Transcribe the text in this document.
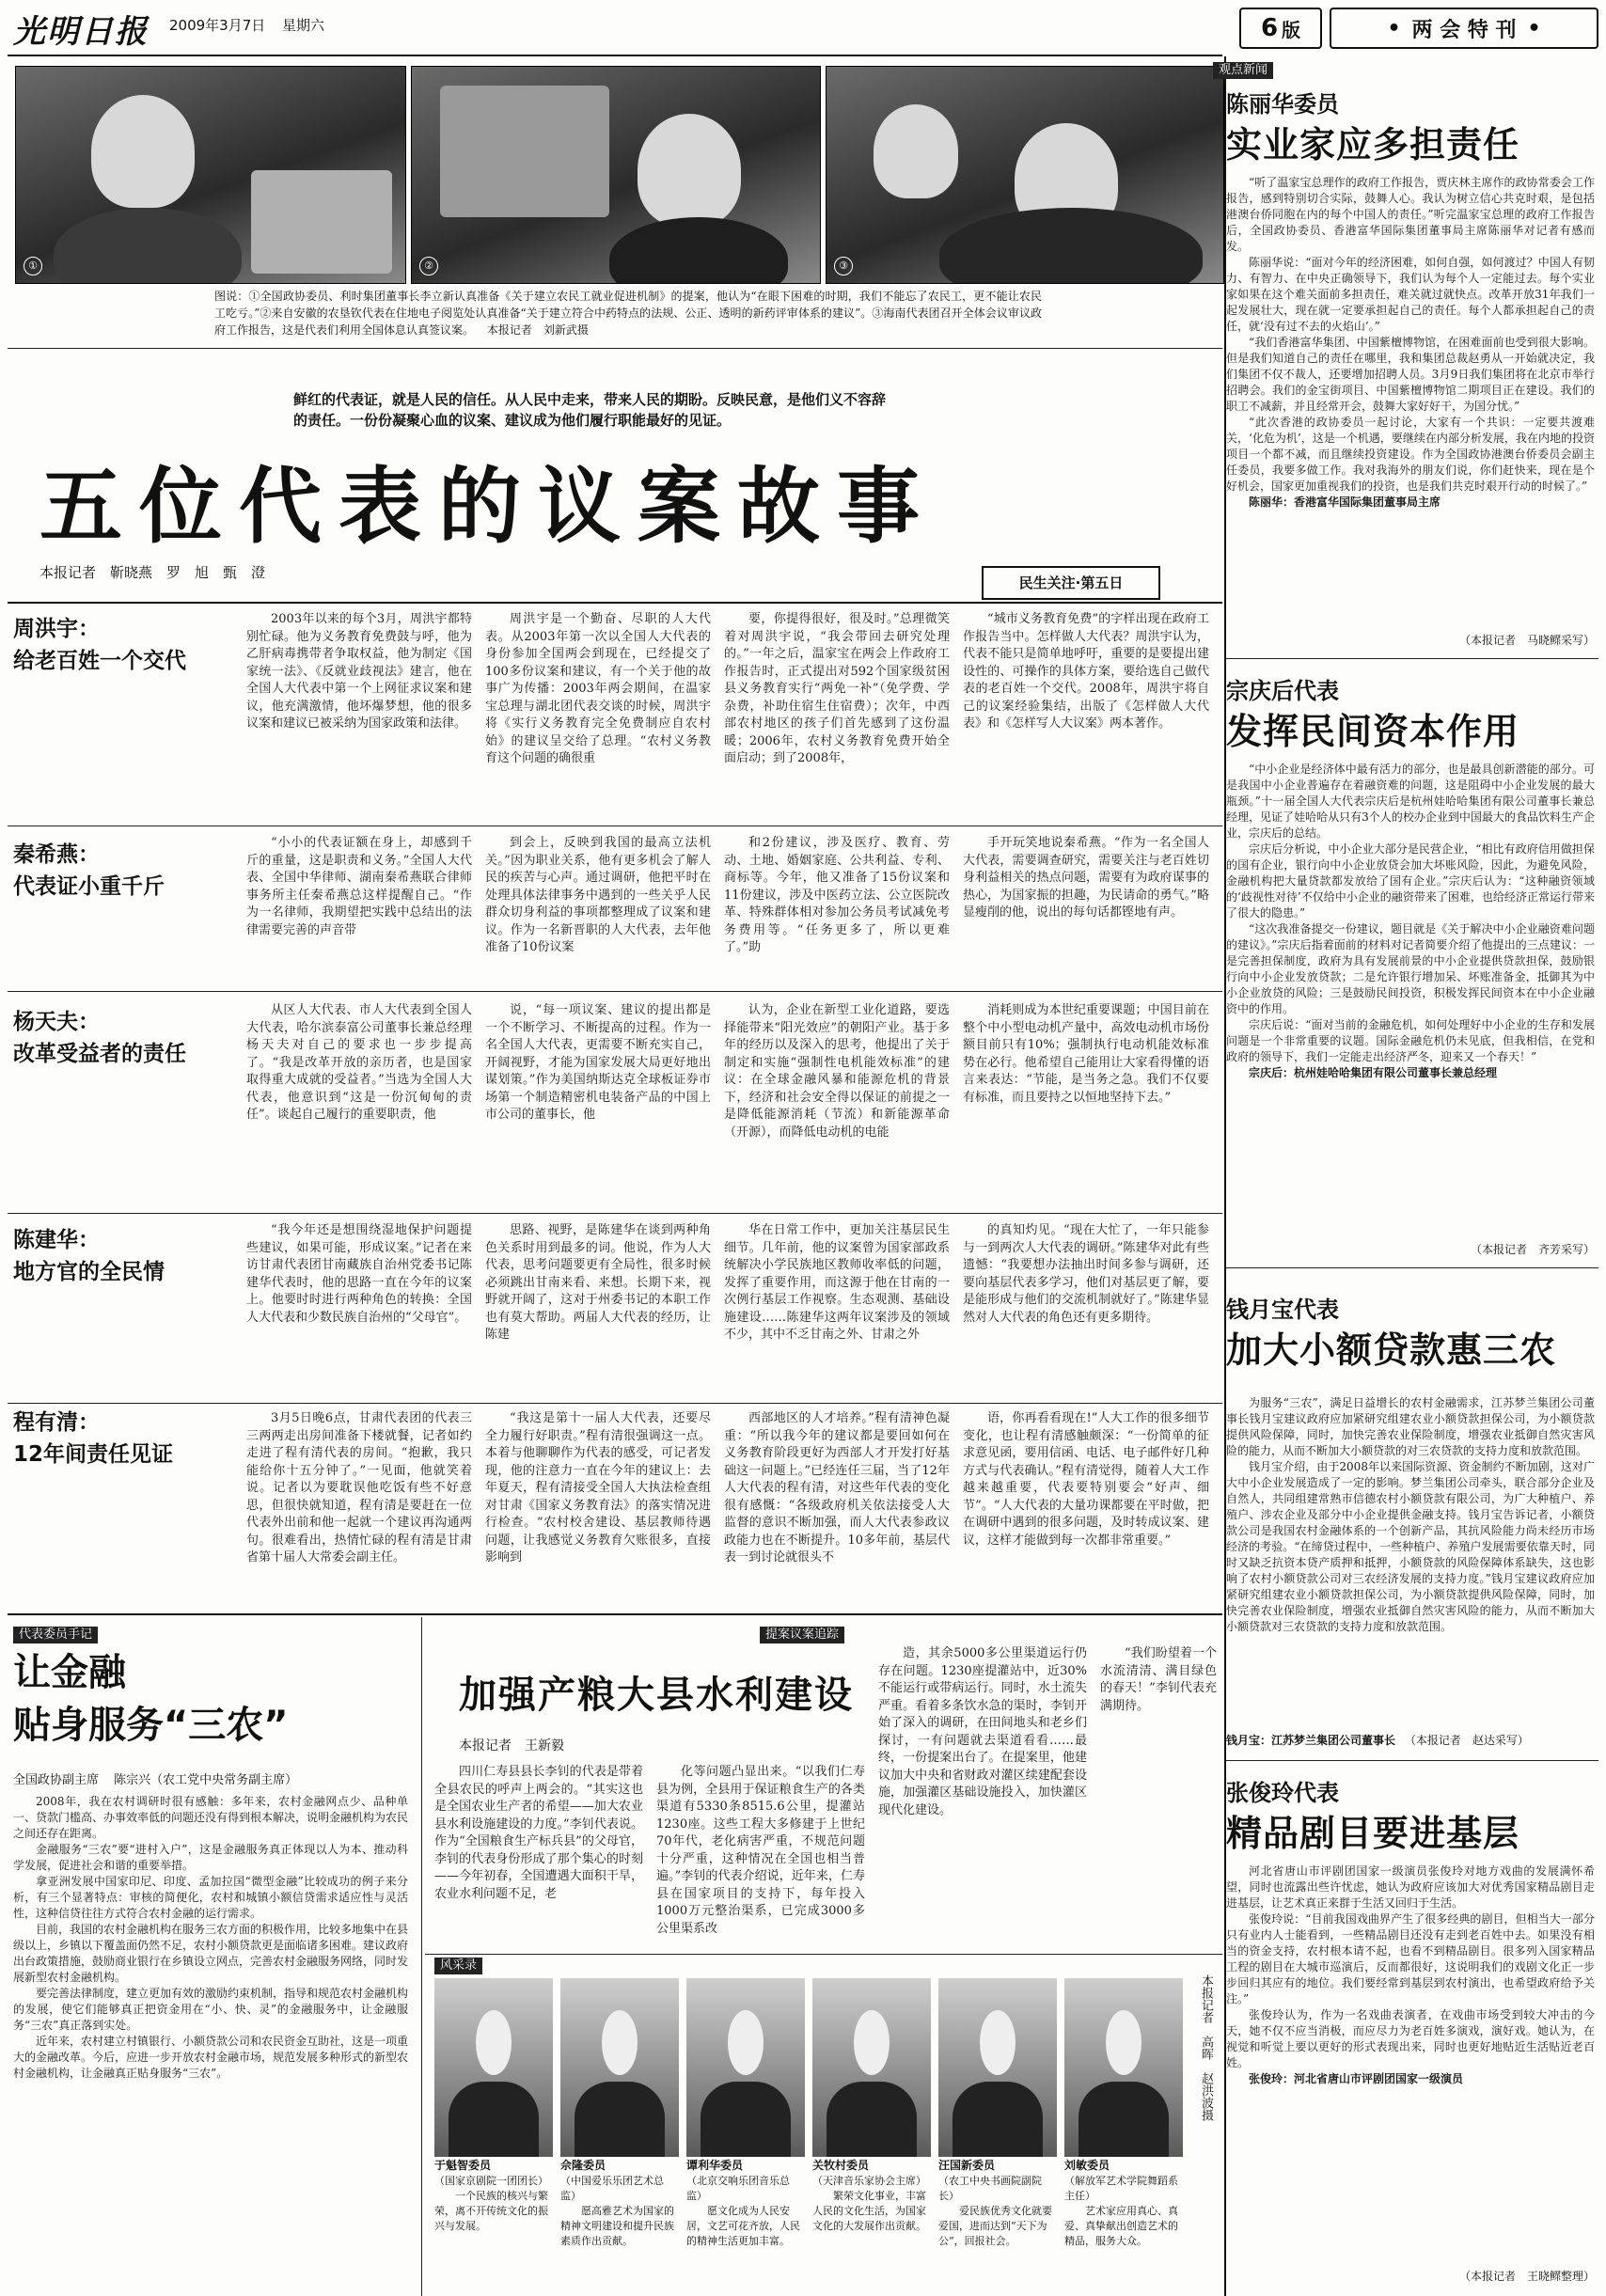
光明日报 2009年3月7日 星期六	6 版	• 两 会 特 刊 •
①	②	③
图说：①全国政协委员、利时集团董事长李立新认真准备《关于建立农民工就业促进机制》的提案，他认为“在眼下困难的时期，我们不能忘了农民工，更不能让农民工吃亏。”②来自安徽的农垦钦代表在住地电子阅览处认真准备“关于建立符合中药特点的法规、公正、透明的新药评审体系的建议”。③海南代表团召开全体会议审议政府工作报告，这是代表们利用全国体息认真签议案。 本报记者　刘新武摄
鲜红的代表证，就是人民的信任。从人民中走来，带来人民的期盼。反映民意，是他们义不容辞的责任。一份份凝聚心血的议案、建议成为他们履行职能最好的见证。
五位代表的议案故事
本报记者　靳晓燕　罗　旭　甄　澄
民生关注·第五日
周洪宇：
给老百姓一个交代
2003年以来的每个3月，周洪宇都特别忙碌。他为义务教育免费鼓与呼，他为乙肝病毒携带者争取权益，他为制定《国家统一法》、《反就业歧视法》建言，他在全国人大代表中第一个上网征求议案和建议，他充满激情，他坏爆梦想，他的很多议案和建议已被采纳为国家政策和法律。
周洪宇是一个勤奋、尽职的人大代表。从2003年第一次以全国人大代表的身份参加全国两会到现在，已经提交了100多份议案和建议，有一个关于他的故事广为传播：2003年两会期间，在温家宝总理与湖北团代表交谈的时候，周洪宇将《实行义务教育完全免费制应自农村始》的建议呈交给了总理。“农村义务教育这个问题的确很重
要，你提得很好，很及时。”总理微笑着对周洪宇说，“我会带回去研究处理的。”一年之后，温家宝在两会上作政府工作报告时，正式提出对592个国家级贫困县义务教育实行“两免一补”（免学费、学杂费，补助住宿生住宿费）；次年，中西部农村地区的孩子们首先感到了这份温暖；2006年，农村义务教育免费开始全面启动；到了2008年，
“城市义务教育免费”的字样出现在政府工作报告当中。怎样做人大代表？周洪宇认为，代表不能只是简单地呼吁，重要的是要提出建设性的、可操作的具体方案，要给选自己做代表的老百姓一个交代。2008年，周洪宇将自己的议案经验集结，出版了《怎样做人大代表》和《怎样写人大议案》两本著作。
秦希燕：
代表证小重千斤
“小小的代表证额在身上，却感到千斤的重量，这是职责和义务。”全国人大代表、全国中华律师、湖南秦希燕联合律师事务所主任秦希燕总这样提醒自己。“作为一名律师，我期望把实践中总结出的法律需要完善的声音带
到会上，反映到我国的最高立法机关。”因为职业关系，他有更多机会了解人民的疾苦与心声。通过调研，他把平时在处理具体法律事务中遇到的一些关乎人民群众切身利益的事项都整理成了议案和建议。作为一名新晋职的人大代表，去年他准备了10份议案
和2份建议，涉及医疗、教育、劳动、土地、婚姻家庭、公共利益、专利、商标等。今年，他又准备了15份议案和11份建议，涉及中医药立法、公立医院改革、特殊群体相对参加公务员考试减免考务费用等。“任务更多了，所以更难了。”助
手开玩笑地说秦希燕。“作为一名全国人大代表，需要调查研究，需要关注与老百姓切身利益相关的热点问题，需要有为政府谋事的热心，为国家振的担趣，为民请命的勇气。”略显瘦削的他，说出的每句话都铿地有声。
杨天夫：
改革受益者的责任
从区人大代表、市人大代表到全国人大代表，哈尔滨泰富公司董事长兼总经理杨天夫对自己的要求也一步步提高了。“我是改革开放的亲历者，也是国家取得重大成就的受益者。”当选为全国人大代表，他意识到“这是一份沉甸甸的责任”。谈起自己履行的重要职责，他
说，“每一项议案、建议的提出都是一个不断学习、不断提高的过程。作为一名全国人大代表，更需要不断充实自己，开阔视野，才能为国家发展大局更好地出谋划策。”作为美国纳斯达克全球板证券市场第一个制造精密机电装备产品的中国上市公司的董事长，他
认为，企业在新型工业化道路，要选择能带来“阳光效应”的朝阳产业。基于多年的经历以及深入的思考，他提出了关于制定和实施“强制性电机能效标准”的建议：在全球金融风暴和能源危机的背景下，经济和社会安全得以保证的前提之一是降低能源消耗（节流）和新能源革命（开源），而降低电动机的电能
消耗则成为本世纪重要课题；中国目前在整个中小型电动机产量中，高效电动机市场份额目前只有10%；强制执行电动机能效标准势在必行。他希望自己能用让大家看得懂的语言来表达：“节能，是当务之急。我们不仅要有标准，而且要持之以恒地坚持下去。”
陈建华：
地方官的全民情
“我今年还是想围绕湿地保护问题提些建议，如果可能，形成议案。”记者在来访甘肃代表团甘南藏族自治州党委书记陈建华代表时，他的思路一直在今年的议案上。他要时时进行两种角色的转换：全国人大代表和少数民族自治州的“父母官”。
思路、视野，是陈建华在谈到两种角色关系时用到最多的词。他说，作为人大代表，思考问题要更有全局性，很多时候必须跳出甘南来看、来想。长期下来，视野就开阔了，这对于州委书记的本职工作也有莫大帮助。两届人大代表的经历，让陈建
华在日常工作中，更加关注基层民生细节。几年前，他的议案曾为国家部政系统解决小学民族地区教师收率低的问题，发挥了重要作用，而这源于他在甘南的一次例行基层工作视察。生态观测、基础设施建设……陈建华这两年议案涉及的领域不少，其中不乏甘南之外、甘肃之外
的真知灼见。“现在大忙了，一年只能参与一到两次人大代表的调研。”陈建华对此有些遗憾：“我要想办法抽出时间多参与调研，还要向基层代表多学习，他们对基层更了解，要是能形成与他们的交流机制就好了。”陈建华显然对人大代表的角色还有更多期待。
程有清：
12年间责任见证
3月5日晚6点，甘肃代表团的代表三三两两走出房间准备下楼就餐，记者如约走进了程有清代表的房间。“抱歉，我只能给你十五分钟了。”一见面，他就笑着说。记者以为要耽误他吃饭有些不好意思，但很快就知道，程有清是要赶在一位代表外出前和他一起就一个建议再沟通两句。很难看出，热情忙碌的程有清是甘肃省第十届人大常委会副主任。
“我这是第十一届人大代表，还要尽全力履行好职责。”程有清很强调这一点。本着与他聊聊作为代表的感受，可记者发现，他的注意力一直在今年的建议上：去年夏天，程有清接受全国人大执法检查组对甘肃《国家义务教育法》的落实情况进行检查。“农村校舍建设、基层教师待遇问题，让我感觉义务教育欠账很多，直接影响到
西部地区的人才培养。”程有清神色凝重：“所以我今年的建议都是要回如何在义务教育阶段更好为西部人才开发打好基础这一问题上。”已经连任三届，当了12年人大代表的程有清，对这些年代表的变化很有感慨：“各级政府机关依法接受人大监督的意识不断加强，而人大代表参政议政能力也在不断提升。10多年前，基层代表一到讨论就很头不
语，你再看看现在!”人大工作的很多细节变化，也让程有清感触颇深：“一份简单的征求意见函，要用信函、电话、电子邮件好几种方式与代表确认。”程有清觉得，随着人大工作越来越重要，代表要特别要会“好声、细节”。“人大代表的大量功课都要在平时做，把在调研中遇到的很多问题，及时转成议案、建议，这样才能做到每一次都非常重要。”
观点新闻
陈丽华委员
实业家应多担责任

“听了温家宝总理作的政府工作报告，贾庆林主席作的政协常委会工作报告，感到特别切合实际，鼓舞人心。我认为树立信心共克时艰，是包括港澳台侨同胞在内的每个中国人的责任。”听完温家宝总理的政府工作报告后，全国政协委员、香港富华国际集团董事局主席陈丽华对记者有感而发。

陈丽华说：“面对今年的经济困难，如何自强，如何渡过？中国人有韧力、有智力、在中央正确领导下，我们认为每个人一定能过去。每个实业家如果在这个难关面前多担责任，难关就过就快点。改革开放31年我们一起发展壮大，现在就一定要承担起自己的责任。每个人都承担起自己的责任，就‘没有过不去的火焰山’。”

“我们香港富华集团、中国紫檀博物馆，在困难面前也受到很大影响。但是我们知道自己的责任在哪里，我和集团总裁赵勇从一开始就决定，我们集团不仅不裁人，还要增加招聘人员。3月9日我们集团将在北京市举行招聘会。我们的金宝街项目、中国紫檀博物馆二期项目正在建设。我们的职工不减薪，并且经常开会，鼓舞大家好好干，为国分忧。”

“此次香港的政协委员一起讨论，大家有一个共识：一定要共渡难关，‘化危为机’，这是一个机遇，要继续在内部分析发展，我在内地的投资项目一个都不减，而且继续投资建设。作为全国政协港澳台侨委员会副主任委员，我要多做工作。我对我海外的朋友们说，你们赶快来，现在是个好机会，国家更加重视我们的投资，也是我们共克时艰开行动的时候了。”

陈丽华：香港富华国际集团董事局主席

（本报记者　马晓鳏采写）
宗庆后代表
发挥民间资本作用

“中小企业是经济体中最有活力的部分，也是最具创新潜能的部分。可是我国中小企业普遍存在着融资难的问题，这是阻碍中小企业发展的最大瓶颈。”十一届全国人大代表宗庆后是杭州娃哈哈集团有限公司董事长兼总经理，见证了娃哈哈从只有3个人的校办企业到中国最大的食品饮料生产企业，宗庆后的总结。

宗庆后分析说，中小企业大部分是民营企业，“相比有政府信用做担保的国有企业，银行向中小企业放贷会加大坏账风险，因此，为避免风险，金融机构把大量贷款都发放给了国有企业。”宗庆后认为：“这种融资领域的‘歧视性对待’不仅给中小企业的融资带来了困难，也给经济正常运行带来了很大的隐患。”

“这次我准备提交一份建议，题目就是《关于解决中小企业融资难问题的建议》。”宗庆后指着面前的材料对记者简要介绍了他提出的三点建议：一是完善担保制度，政府为具有发展前景的中小企业提供贷款担保，鼓励银行向中小企业发放贷款；二是允许银行增加呆、坏账准备金，抵御其为中小企业放贷的风险；三是鼓励民间投资，积极发挥民间资本在中小企业融资中的作用。

宗庆后说：“面对当前的金融危机，如何处理好中小企业的生存和发展问题是一个非常重要的议题。国际金融危机仍未见底，但我相信，在党和政府的领导下，我们一定能走出经济严冬，迎来又一个春天！”

宗庆后：杭州娃哈哈集团有限公司董事长兼总经理

（本报记者　齐芳采写）
钱月宝代表
加大小额贷款惠三农

为服务“三农”，满足日益增长的农村金融需求，江苏梦兰集团公司董事长钱月宝建议政府应加紧研究组建农业小额贷款担保公司，为小额贷款提供风险保障，同时，加快完善农业保险制度，增强农业抵御自然灾害风险的能力，从而不断加大小额贷款的对三农贷款的支持力度和放款范围。

钱月宝介绍，由于2008年以来国际资源、资金制约不断加剧，这对广大中小企业发展造成了一定的影响。梦兰集团公司牵头，联合部分企业及自然人，共同组建常熟市信德农村小额贷款有限公司，为广大种植户、养殖户、涉农企业及部分中小企业提供金融支持。钱月宝告诉记者，小额贷款公司是我国农村金融体系的一个创新产品，其抗风险能力尚未经历市场经济的考验。“在缔贷过程中，一些种植户、养殖户发展需要依靠天时，同时又缺乏抗资本贷产质押和抵押，小额贷款的风险保障体系缺失，这也影响了农村小额贷款公司对三农经济发展的支持力度。”钱月宝建议政府应加紧研究组建农业小额贷款担保公司，为小额贷款提供风险保障，同时，加快完善农业保险制度，增强农业抵御自然灾害风险的能力，从而不断加大小额贷款对三农贷款的支持力度和放款范围。

钱月宝：江苏梦兰集团公司董事长 （本报记者　赵达采写）
张俊玲代表
精品剧目要进基层

河北省唐山市评剧团国家一级演员张俊玲对地方戏曲的发展满怀希望，同时也流露出些许忧虑，她认为政府应该加大对优秀国家精品剧目走进基层，让艺术真正来群于生活又回归于生活。

张俊玲说：“目前我国戏曲界产生了很多经典的剧目，但相当大一部分只有业内人士能看到，一些精品剧目还没有走到老百姓中去。如果没有相当的资金支持，农村根本请不起，也看不到精品剧目。很多列入国家精品工程的剧目在大城市巡演后，反而都很好，这说明我们的戏剧文化正一步步回归其应有的地位。我们要经常到基层到农村演出，也希望政府给予关注。”

张俊玲认为，作为一名戏曲表演者，在戏曲市场受到较大冲击的今天，她不仅不应当消极，而应尽力为老百姓多演戏，演好戏。她认为，在视觉和听觉上要以更好的形式表现出来，同时也更好地贴近生活贴近老百姓。

张俊玲：河北省唐山市评剧团国家一级演员

（本报记者　王晓鳏整理）
代表委员手记
让金融
贴身服务“三农”
全国政协副主席 陈宗兴（农工党中央常务副主席）

2008年，我在农村调研时很有感触：多年来，农村金融网点少、品种单一、贷款门槛高、办事效率低的问题还没有得到根本解决，说明金融机构为农民之间还存在距离。

金融服务“三农”要“进村入户”，这是金融服务真正体现以人为本、推动科学发展，促进社会和谐的重要举措。

拿亚洲发展中国家印尼、印度、孟加拉国“微型金融”比较成功的例子来分析，有三个显著特点：审核的简便化，农村和城镇小额信贷需求适应性与灵活性，这种信贷往往方式符合农村金融的运行需求。

目前，我国的农村金融机构在服务三农方面的积极作用，比较多地集中在县级以上，乡镇以下覆盖面仍然不足，农村小额贷款更是面临诸多困难。建议政府出台政策措施，鼓励商业银行在乡镇设立网点，完善农村金融服务网络，同时发展新型农村金融机构。

要完善法律制度，建立更加有效的激励约束机制，指导和规范农村金融机构的发展，使它们能够真正把资金用在“小、快、灵”的金融服务中，让金融服务“三农”真正落到实处。

近年来，农村建立村镇银行、小额贷款公司和农民资金互助社，这是一项重大的金融改革。今后，应进一步开放农村金融市场，规范发展多种形式的新型农村金融机构，让金融真正贴身服务“三农”。

提案议案追踪
加强产粮大县水利建设
本报记者　王新毅
四川仁寿县县长李钊的代表是带着全县农民的呼声上两会的。“其实这也是全国农业生产者的希望——加大农业县水利设施建设的力度。”李钊代表说。作为“全国粮食生产标兵县”的父母官，李钊的代表身份形成了那个集心的时刻——今年初春，全国遭遇大面积干旱，农业水利问题不足，老
化等问题凸显出来。“以我们仁寿县为例，全县用于保证粮食生产的各类渠道有5330条8515.6公里，提灌站1230座。这些工程大多修建于上世纪70年代，老化病害严重，不规范问题十分严重，这种情况在全国也相当普遍。”李钊的代表介绍说，近年来，仁寿县在国家项目的支持下，每年投入1000万元整治渠系，已完成3000多公里渠系改
造，其余5000多公里渠道运行仍存在问题。1230座提灌站中，近30%不能运行或带病运行。同时，水土流失严重。看着多条饮水急的渠时，李钊开始了深入的调研，在田间地头和老乡们探讨，一有问题就去渠道看看……最终，一份提案出台了。在提案里，他建议加大中央和省财政对灌区续建配套设施，加强灌区基础设施投入，加快灌区现代化建设。
“我们盼望着一个水流清清、满目绿色的春天！”李钊代表充满期待。
风采录
本报记者　高晖　赵洪波摄
于魁智委员
（国家京剧院一团团长）
一个民族的核兴与繁荣，离不开传统文化的振兴与发展。
佘隆委员
（中国爱乐乐团艺术总监）
愿高雅艺术为国家的精神文明建设和提升民族素质作出贡献。
谭利华委员
（北京交响乐团音乐总监）
愿文化成为人民安居，文艺可花齐放，人民的精神生活更加丰富。
关牧村委员
（天津音乐家协会主席）
繁荣文化事业，丰富人民的文化生活，为国家文化的大发展作出贡献。
汪国新委员
（农工中央书画院副院长）
爱民族优秀文化就要爱国，进而达到“天下为公”，回报社会。
刘敏委员
（解放军艺术学院舞蹈系主任）
艺术家应用真心、真爱、真挚献出创造艺术的精品，服务大众。
